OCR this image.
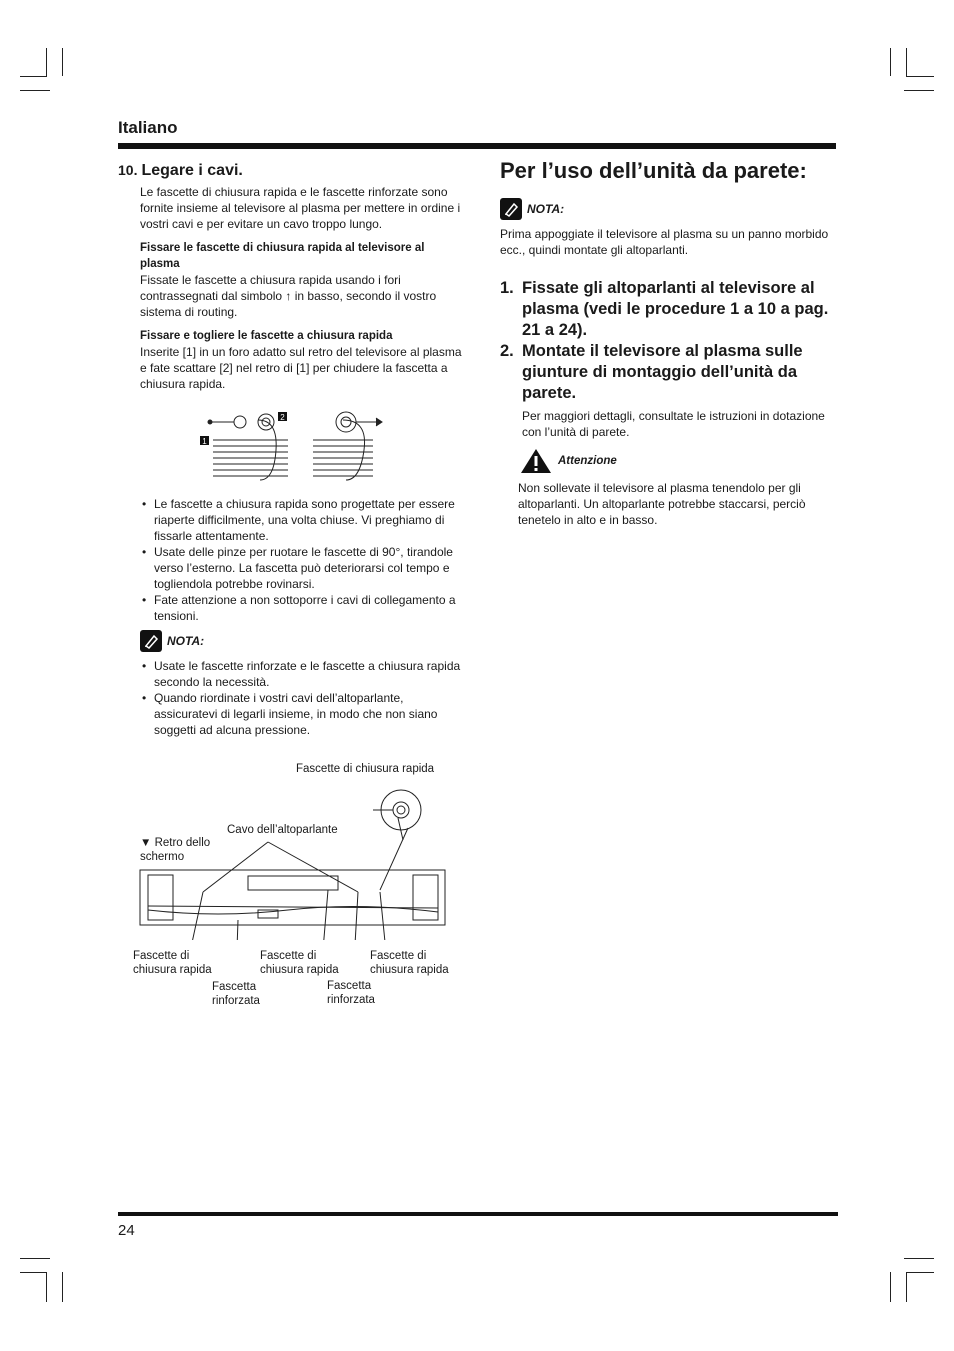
Italiano
10. Legare i cavi.

Le fascette di chiusura rapida e le fascette rinforzate sono fornite insieme al televisore al plasma per mettere in ordine i vostri cavi e per evitare un cavo troppo lungo.

Fissare le fascette di chiusura rapida al televisore al plasma

Fissate le fascette a chiusura rapida usando i fori contrassegnati dal simbolo ↑ in basso, secondo il vostro sistema di routing.

Fissare e togliere le fascette a chiusura rapida

Inserite [1] in un foro adatto sul retro del televisore al plasma e fate scattare [2] nel retro di [1] per chiudere la fascetta a chiusura rapida.

1
2
• Le fascette a chiusura rapida sono progettate per essere riaperte difficilmente, una volta chiuse. Vi preghiamo di fissarle attentamente.
• Usate delle pinze per ruotare le fascette di 90°, tirandole verso l’esterno. La fascetta può deteriorarsi col tempo e togliendola potrebbe rovinarsi.
• Fate attenzione a non sottoporre i cavi di collegamento a tensioni.
NOTA:
• Usate le fascette rinforzate e le fascette a chiusura rapida secondo la necessità.
• Quando riordinate i vostri cavi dell’altoparlante, assicuratevi di legarli insieme, in modo che non siano soggetti ad alcuna pressione.
Fascette di chiusura rapida
Cavo dell’altoparlante
▼ Retro dello schermo
Fascette di chiusura rapida
Fascette di chiusura rapida
Fascette di chiusura rapida
Fascetta rinforzata
Fascetta rinforzata
Per l’uso dell’unità da parete:
NOTA:

Prima appoggiate il televisore al plasma su un panno morbido ecc., quindi montate gli altoparlanti.

1. Fissate gli altoparlanti al televisore al plasma (vedi le procedure 1 a 10 a pag. 21 a 24).
2. Montate il televisore al plasma sulle giunture di montaggio dell’unità da parete.

Per maggiori dettagli, consultate le istruzioni in dotazione con l’unità di parete.

Attenzione

Non sollevate il televisore al plasma tenendolo per gli altoparlanti. Un altoparlante potrebbe staccarsi, perciò tenetelo in alto e in basso.

24
